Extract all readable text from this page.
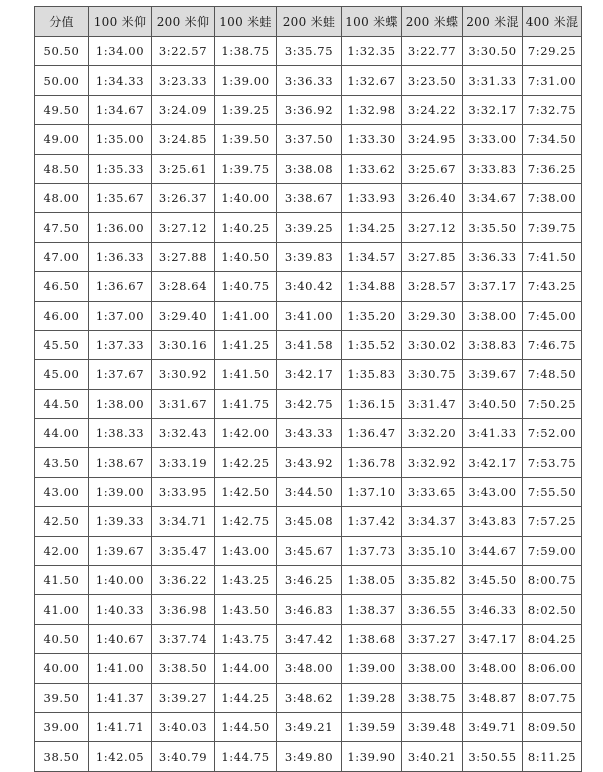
分值	100 米仰	200 米仰	100 米蛙	200 米蛙	100 米蝶	200 米蝶	200 米混	400 米混
50.50	1:34.00	3:22.57	1:38.75	3:35.75	1:32.35	3:22.77	3:30.50	7:29.25
50.00	1:34.33	3:23.33	1:39.00	3:36.33	1:32.67	3:23.50	3:31.33	7:31.00
49.50	1:34.67	3:24.09	1:39.25	3:36.92	1:32.98	3:24.22	3:32.17	7:32.75
49.00	1:35.00	3:24.85	1:39.50	3:37.50	1:33.30	3:24.95	3:33.00	7:34.50
48.50	1:35.33	3:25.61	1:39.75	3:38.08	1:33.62	3:25.67	3:33.83	7:36.25
48.00	1:35.67	3:26.37	1:40.00	3:38.67	1:33.93	3:26.40	3:34.67	7:38.00
47.50	1:36.00	3:27.12	1:40.25	3:39.25	1:34.25	3:27.12	3:35.50	7:39.75
47.00	1:36.33	3:27.88	1:40.50	3:39.83	1:34.57	3:27.85	3:36.33	7:41.50
46.50	1:36.67	3:28.64	1:40.75	3:40.42	1:34.88	3:28.57	3:37.17	7:43.25
46.00	1:37.00	3:29.40	1:41.00	3:41.00	1:35.20	3:29.30	3:38.00	7:45.00
45.50	1:37.33	3:30.16	1:41.25	3:41.58	1:35.52	3:30.02	3:38.83	7:46.75
45.00	1:37.67	3:30.92	1:41.50	3:42.17	1:35.83	3:30.75	3:39.67	7:48.50
44.50	1:38.00	3:31.67	1:41.75	3:42.75	1:36.15	3:31.47	3:40.50	7:50.25
44.00	1:38.33	3:32.43	1:42.00	3:43.33	1:36.47	3:32.20	3:41.33	7:52.00
43.50	1:38.67	3:33.19	1:42.25	3:43.92	1:36.78	3:32.92	3:42.17	7:53.75
43.00	1:39.00	3:33.95	1:42.50	3:44.50	1:37.10	3:33.65	3:43.00	7:55.50
42.50	1:39.33	3:34.71	1:42.75	3:45.08	1:37.42	3:34.37	3:43.83	7:57.25
42.00	1:39.67	3:35.47	1:43.00	3:45.67	1:37.73	3:35.10	3:44.67	7:59.00
41.50	1:40.00	3:36.22	1:43.25	3:46.25	1:38.05	3:35.82	3:45.50	8:00.75
41.00	1:40.33	3:36.98	1:43.50	3:46.83	1:38.37	3:36.55	3:46.33	8:02.50
40.50	1:40.67	3:37.74	1:43.75	3:47.42	1:38.68	3:37.27	3:47.17	8:04.25
40.00	1:41.00	3:38.50	1:44.00	3:48.00	1:39.00	3:38.00	3:48.00	8:06.00
39.50	1:41.37	3:39.27	1:44.25	3:48.62	1:39.28	3:38.75	3:48.87	8:07.75
39.00	1:41.71	3:40.03	1:44.50	3:49.21	1:39.59	3:39.48	3:49.71	8:09.50
38.50	1:42.05	3:40.79	1:44.75	3:49.80	1:39.90	3:40.21	3:50.55	8:11.25
